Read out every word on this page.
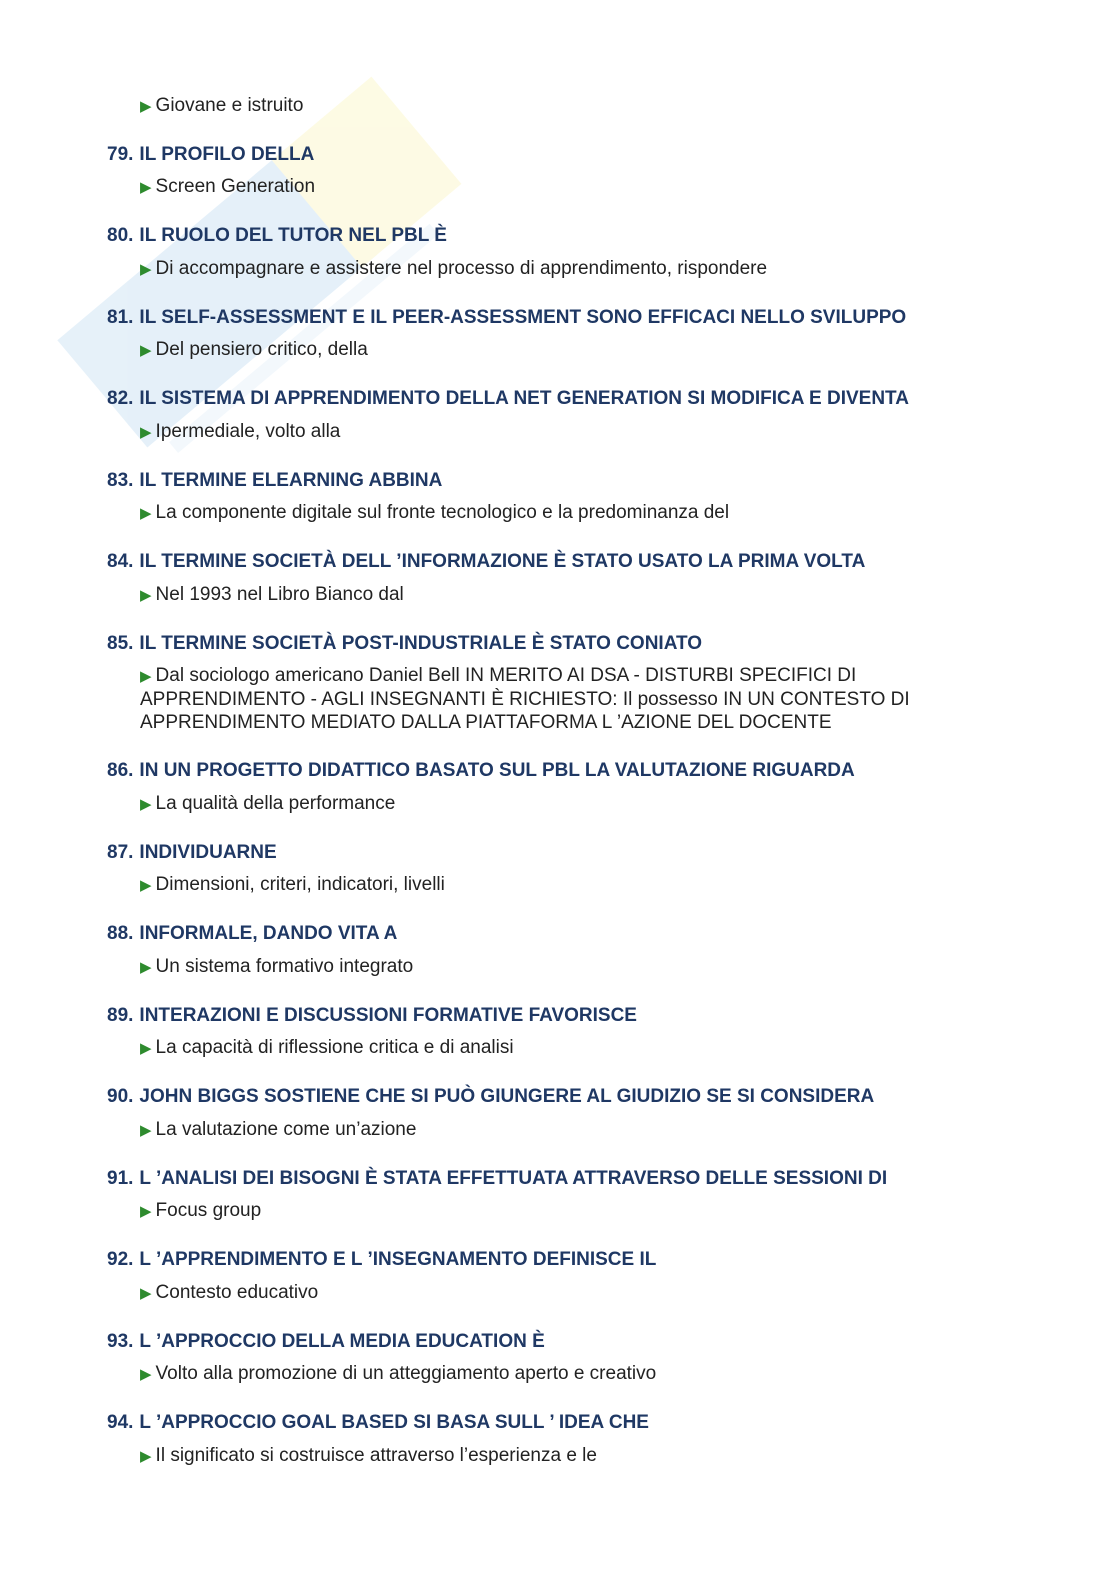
▶ Giovane e istruito
79. IL PROFILO DELLA
▶ Screen Generation
80. IL RUOLO DEL TUTOR NEL PBL È
▶ Di accompagnare e assistere nel processo di apprendimento, rispondere
81. IL SELF-ASSESSMENT E IL PEER-ASSESSMENT SONO EFFICACI NELLO SVILUPPO
▶ Del pensiero critico, della
82. IL SISTEMA DI APPRENDIMENTO DELLA NET GENERATION SI MODIFICA E DIVENTA
▶ Ipermediale, volto alla
83. IL TERMINE ELEARNING ABBINA
▶ La componente digitale sul fronte tecnologico e la predominanza del
84. IL TERMINE SOCIETÀ DELL ’INFORMAZIONE È STATO USATO LA PRIMA VOLTA
▶ Nel 1993 nel Libro Bianco dal
85. IL TERMINE SOCIETÀ POST-INDUSTRIALE È STATO CONIATO
▶ Dal sociologo americano Daniel Bell IN MERITO AI DSA - DISTURBI SPECIFICI DI APPRENDIMENTO - AGLI INSEGNANTI È RICHIESTO: Il possesso IN UN CONTESTO DI APPRENDIMENTO MEDIATO DALLA PIATTAFORMA L ’AZIONE DEL DOCENTE
86. IN UN PROGETTO DIDATTICO BASATO SUL PBL LA VALUTAZIONE RIGUARDA
▶ La qualità della performance
87. INDIVIDUARNE
▶ Dimensioni, criteri, indicatori, livelli
88. INFORMALE, DANDO VITA A
▶ Un sistema formativo integrato
89. INTERAZIONI E DISCUSSIONI FORMATIVE FAVORISCE
▶ La capacità di riflessione critica e di analisi
90. JOHN BIGGS SOSTIENE CHE SI PUÒ GIUNGERE AL GIUDIZIO SE SI CONSIDERA
▶ La valutazione come un’azione
91. L ’ANALISI DEI BISOGNI È STATA EFFETTUATA ATTRAVERSO DELLE SESSIONI DI
▶ Focus group
92. L ’APPRENDIMENTO E L ’INSEGNAMENTO DEFINISCE IL
▶ Contesto educativo
93. L ’APPROCCIO DELLA MEDIA EDUCATION È
▶ Volto alla promozione di un atteggiamento aperto e creativo
94. L ’APPROCCIO GOAL BASED SI BASA SULL ’ IDEA CHE
▶ Il significato si costruisce attraverso l’esperienza e le
